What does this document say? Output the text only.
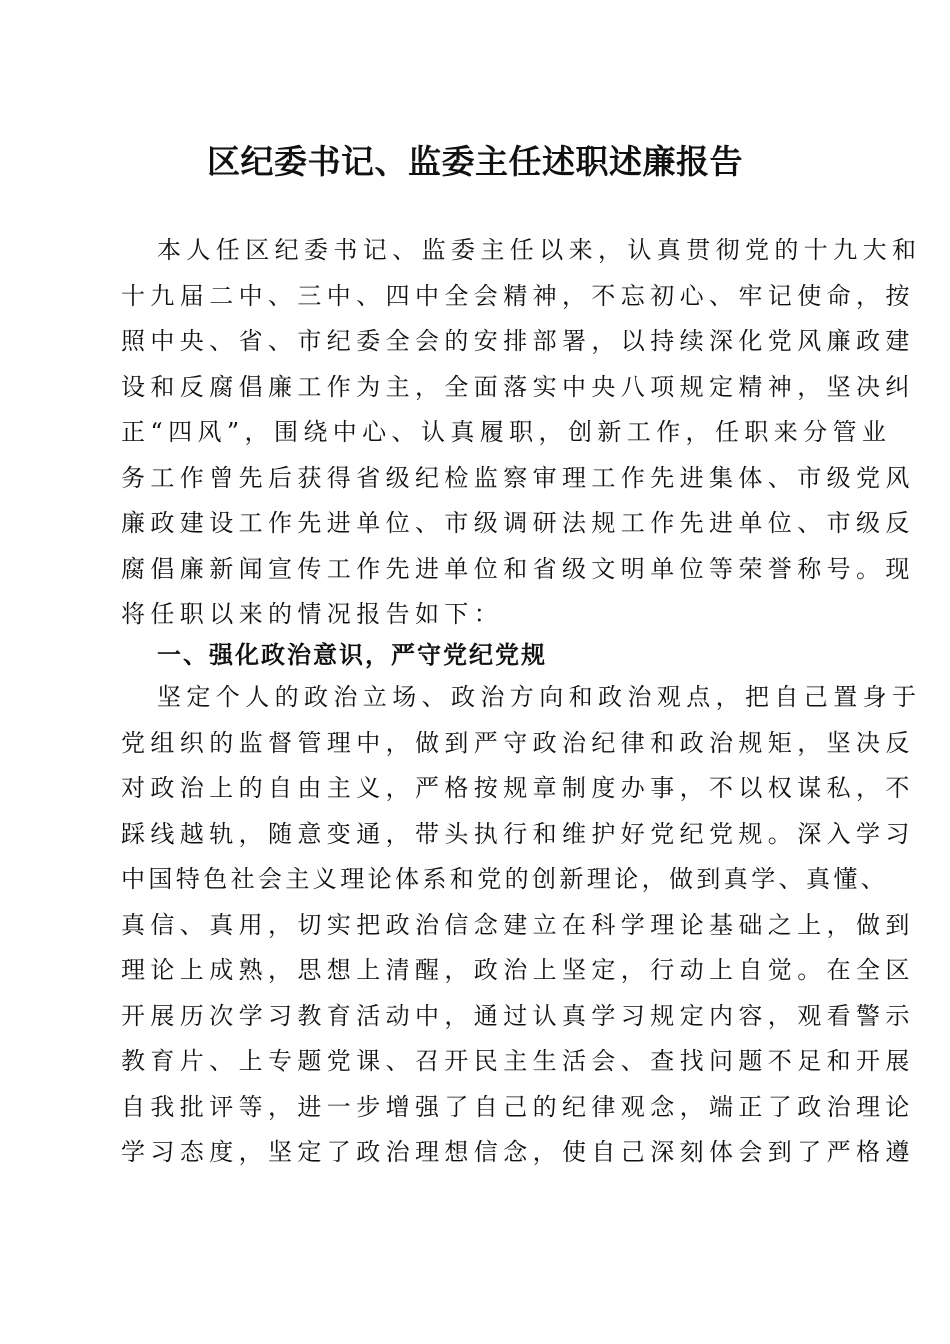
区纪委书记、监委主任述职述廉报告
本人任区纪委书记、监委主任以来，认真贯彻党的十九大和
十九届二中、三中、四中全会精神，不忘初心、牢记使命，按
照中央、省、市纪委全会的安排部署，以持续深化党风廉政建
设和反腐倡廉工作为主，全面落实中央八项规定精神，坚决纠
正“四风”，围绕中心、认真履职，创新工作，任职来分管业
务工作曾先后获得省级纪检监察审理工作先进集体、市级党风
廉政建设工作先进单位、市级调研法规工作先进单位、市级反
腐倡廉新闻宣传工作先进单位和省级文明单位等荣誉称号。现
将任职以来的情况报告如下：
一、强化政治意识，严守党纪党规
坚定个人的政治立场、政治方向和政治观点，把自己置身于
党组织的监督管理中，做到严守政治纪律和政治规矩，坚决反
对政治上的自由主义，严格按规章制度办事，不以权谋私，不
踩线越轨，随意变通，带头执行和维护好党纪党规。深入学习
中国特色社会主义理论体系和党的创新理论，做到真学、真懂、
真信、真用，切实把政治信念建立在科学理论基础之上，做到
理论上成熟，思想上清醒，政治上坚定，行动上自觉。在全区
开展历次学习教育活动中，通过认真学习规定内容，观看警示
教育片、上专题党课、召开民主生活会、查找问题不足和开展
自我批评等，进一步增强了自己的纪律观念，端正了政治理论
学习态度，坚定了政治理想信念，使自己深刻体会到了严格遵
